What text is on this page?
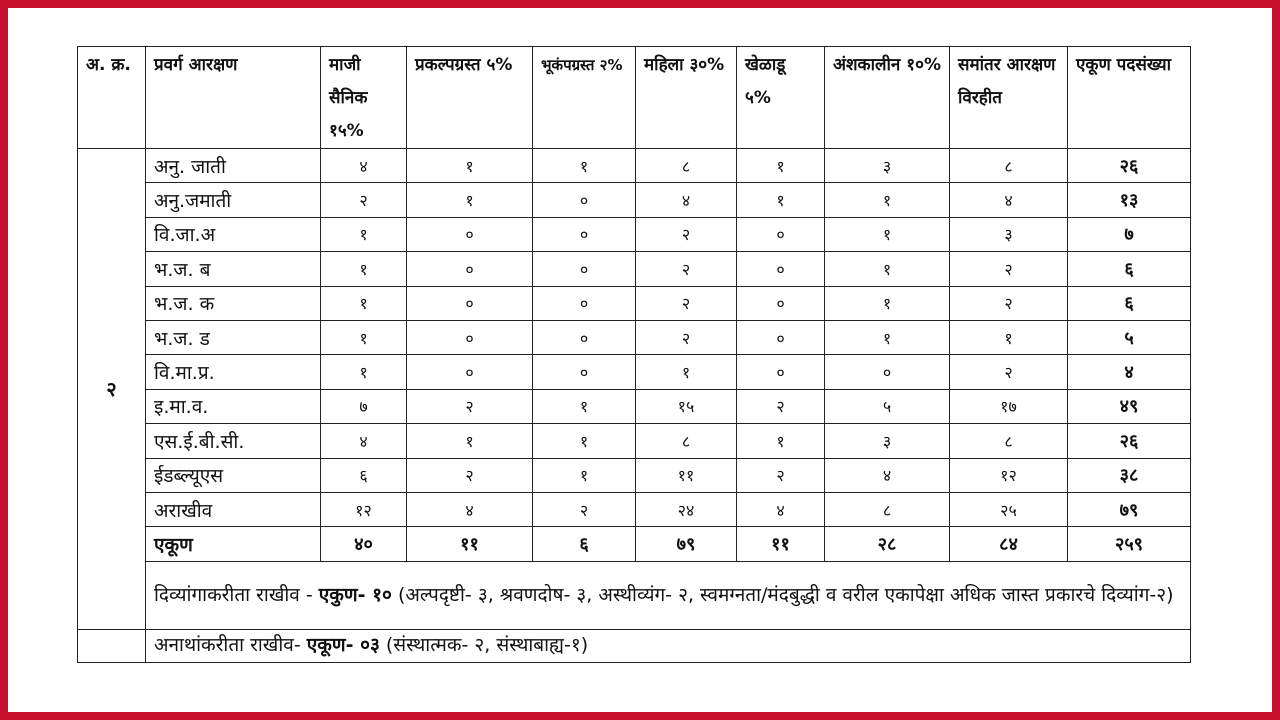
अ. क्र.	प्रवर्ग आरक्षण	माजी सैनिक १५%	प्रकल्पग्रस्त ५%	भूकंपग्रस्त २%	महिला ३०%	खेळाडू ५%	अंशकालीन १०%	समांतर आरक्षण विरहीत	एकूण पदसंख्या
२	अनु. जाती	४	१	१	८	१	३	८	२६
	अनु.जमाती	२	१	०	४	१	१	४	१३
	वि.जा.अ	१	०	०	२	०	१	३	७
	भ.ज. ब	१	०	०	२	०	१	२	६
	भ.ज. क	१	०	०	२	०	१	२	६
	भ.ज. ड	१	०	०	२	०	१	१	५
	वि.मा.प्र.	१	०	०	१	०	०	२	४
	इ.मा.व.	७	२	१	१५	२	५	१७	४९
	एस.ई.बी.सी.	४	१	१	८	१	३	८	२६
	ईडब्ल्यूएस	६	२	१	११	२	४	१२	३८
	अराखीव	१२	४	२	२४	४	८	२५	७९
	एकूण	४०	११	६	७९	११	२८	८४	२५९
	दिव्यांगाकरीता राखीव - एकुण- १० (अल्पदृष्टी- ३, श्रवणदोष- ३, अस्थीव्यंग- २, स्वमग्नता/मंदबुद्धी व वरील एकापेक्षा अधिक जास्त प्रकारचे दिव्यांग-२)								
	अनाथांकरीता राखीव- एकूण- ०३ (संस्थात्मक- २, संस्थाबाह्य-१)								
